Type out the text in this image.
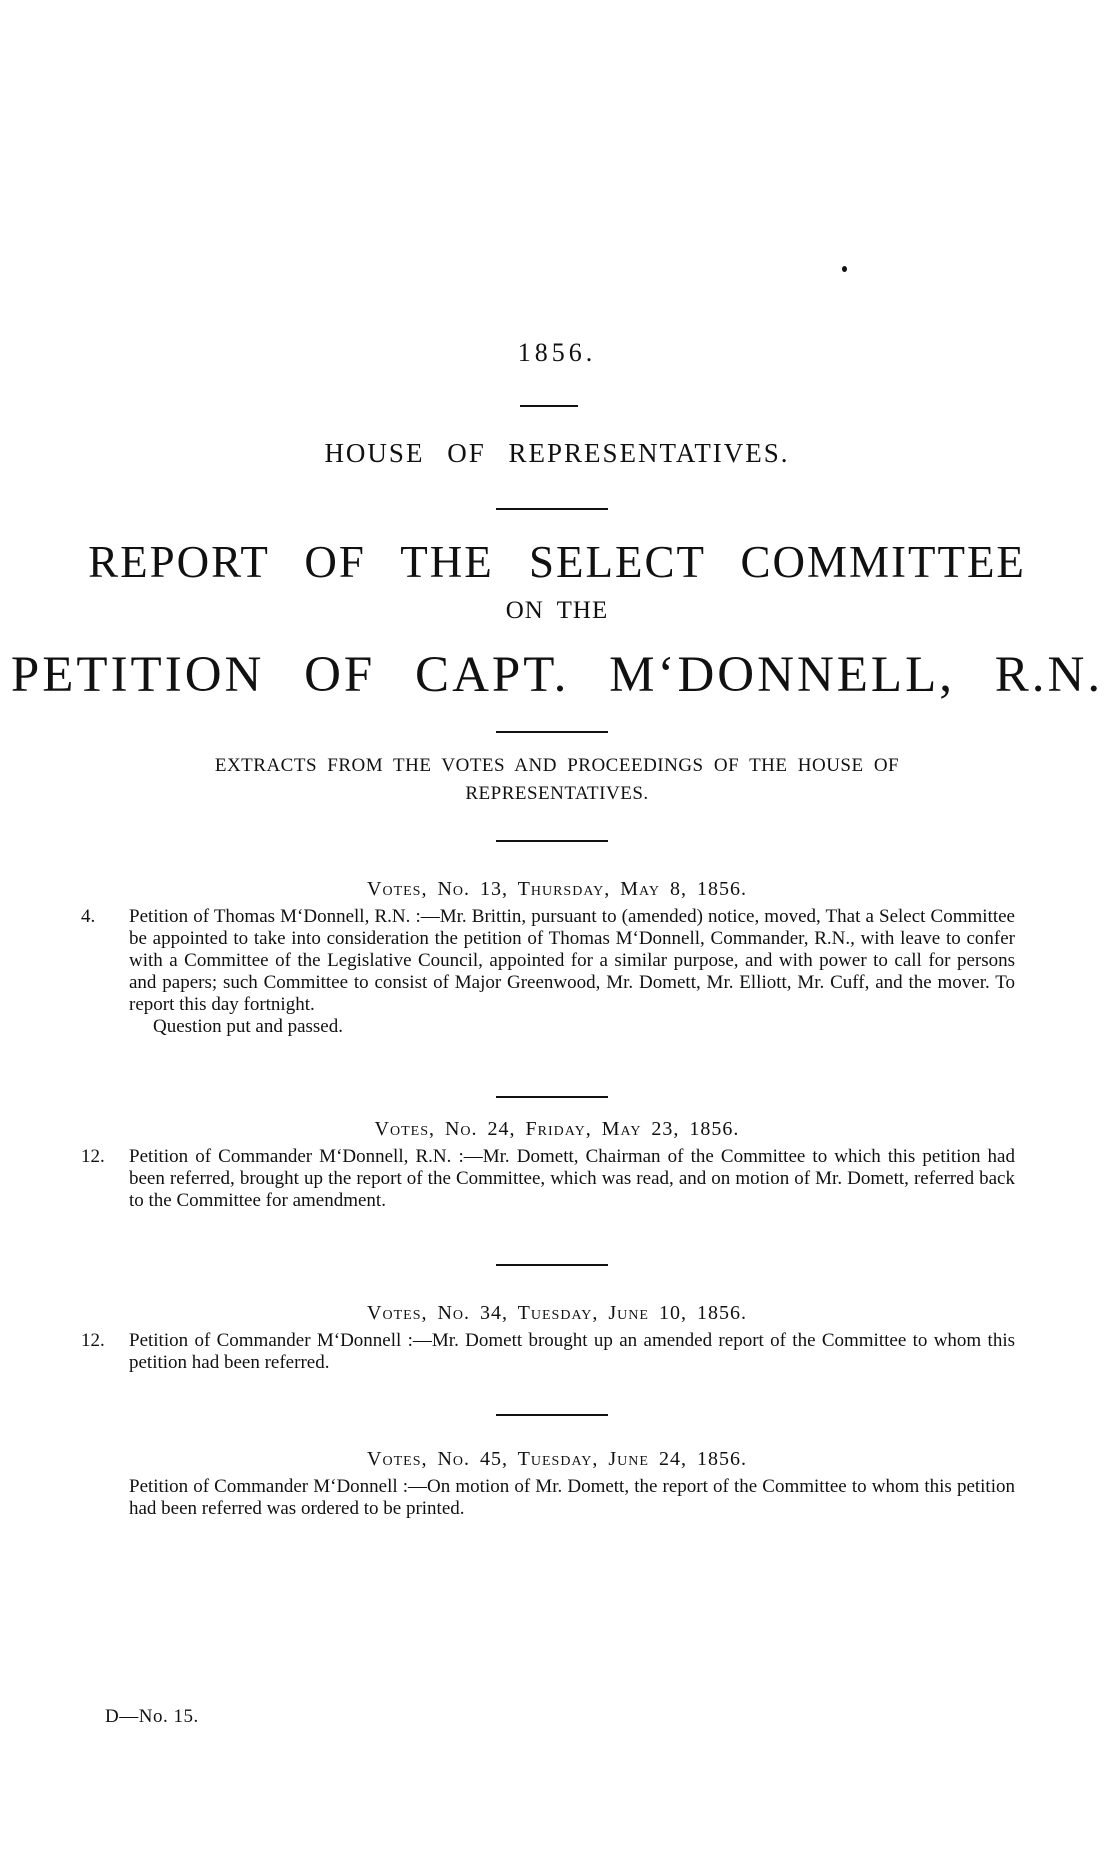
1856.
HOUSE OF REPRESENTATIVES.
REPORT OF THE SELECT COMMITTEE
ON THE
PETITION OF CAPT. M‘DONNELL, R.N.
EXTRACTS FROM THE VOTES AND PROCEEDINGS OF THE HOUSE OF REPRESENTATIVES.
Votes, No. 13, Thursday, May 8, 1856.
4. Petition of Thomas M‘Donnell, R.N. :—Mr. Brittin, pursuant to (amended) notice, moved, That a Select Committee be appointed to take into consideration the petition of Thomas M‘Donnell, Commander, R.N., with leave to confer with a Committee of the Legislative Council, appointed for a similar purpose, and with power to call for persons and papers; such Committee to consist of Major Greenwood, Mr. Domett, Mr. Elliott, Mr. Cuff, and the mover. To report this day fortnight.
Question put and passed.
Votes, No. 24, Friday, May 23, 1856.
12. Petition of Commander M‘Donnell, R.N. :—Mr. Domett, Chairman of the Committee to which this petition had been referred, brought up the report of the Committee, which was read, and on motion of Mr. Domett, referred back to the Committee for amendment.
Votes, No. 34, Tuesday, June 10, 1856.
12. Petition of Commander M‘Donnell :—Mr. Domett brought up an amended report of the Committee to whom this petition had been referred.
Votes, No. 45, Tuesday, June 24, 1856.
Petition of Commander M‘Donnell :—On motion of Mr. Domett, the report of the Committee to whom this petition had been referred was ordered to be printed.
D—No. 15.
